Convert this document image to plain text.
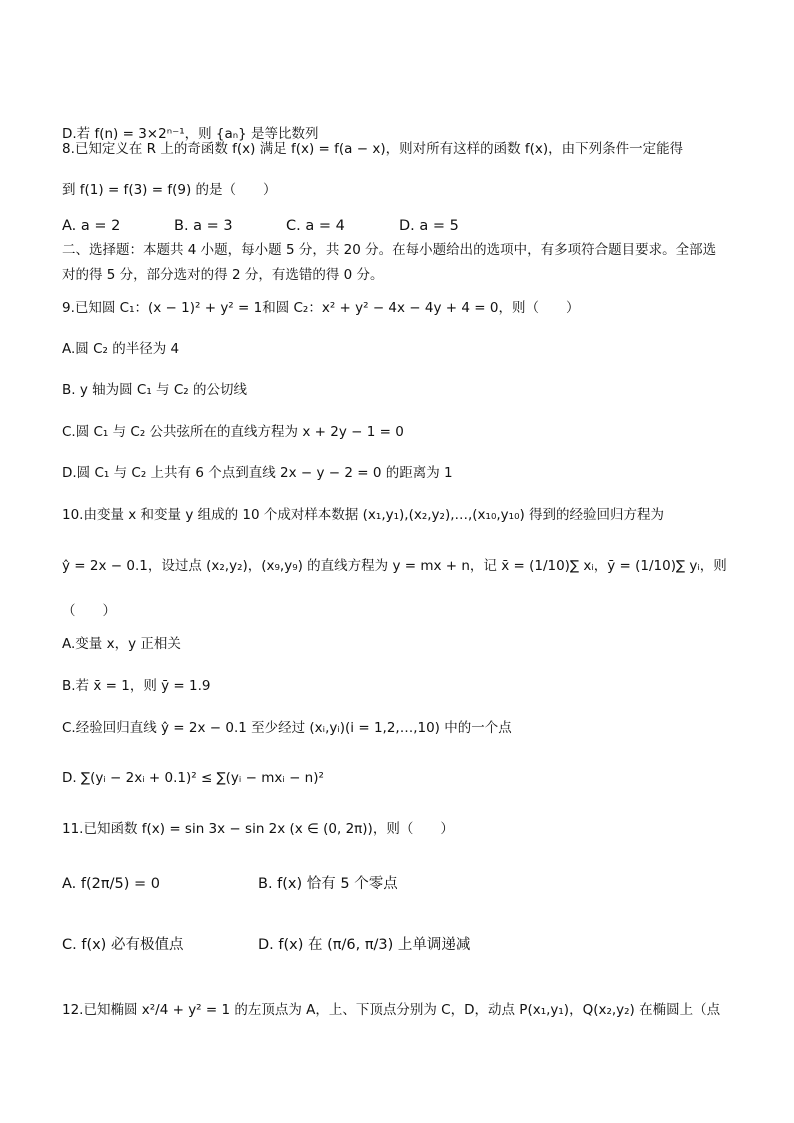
D.若 f(n) = 3×2ⁿ⁻¹，则 {aₙ} 是等比数列
8.已知定义在 R 上的奇函数 f(x) 满足 f(x) = f(a − x)，则对所有这样的函数 f(x)，由下列条件一定能得
到 f(1) = f(3) = f(9) 的是（　　）
A. a = 2	B. a = 3	C. a = 4	D. a = 5
二、选择题：本题共 4 小题，每小题 5 分，共 20 分。在每小题给出的选项中，有多项符合题目要求。全部选
对的得 5 分，部分选对的得 2 分，有选错的得 0 分。
9.已知圆 C₁：(x − 1)² + y² = 1和圆 C₂：x² + y² − 4x − 4y + 4 = 0，则（　　）
A.圆 C₂ 的半径为 4
B. y 轴为圆 C₁ 与 C₂ 的公切线
C.圆 C₁ 与 C₂ 公共弦所在的直线方程为 x + 2y − 1 = 0
D.圆 C₁ 与 C₂ 上共有 6 个点到直线 2x − y − 2 = 0 的距离为 1
10.由变量 x 和变量 y 组成的 10 个成对样本数据 (x₁,y₁),(x₂,y₂),…,(x₁₀,y₁₀) 得到的经验回归方程为
ŷ = 2x − 0.1，设过点 (x₂,y₂)，(x₉,y₉) 的直线方程为 y = mx + n，记 x̄ = (1/10)∑ xᵢ，ȳ = (1/10)∑ yᵢ，则
（　　）
A.变量 x，y 正相关
B.若 x̄ = 1，则 ȳ = 1.9
C.经验回归直线 ŷ = 2x − 0.1 至少经过 (xᵢ,yᵢ)(i = 1,2,…,10) 中的一个点
D. ∑(yᵢ − 2xᵢ + 0.1)² ≤ ∑(yᵢ − mxᵢ − n)²
11.已知函数 f(x) = sin 3x − sin 2x (x ∈ (0, 2π))，则（　　）
A. f(2π/5) = 0	B. f(x) 恰有 5 个零点
C. f(x) 必有极值点	D. f(x) 在 (π/6, π/3) 上单调递减
12.已知椭圆 x²/4 + y² = 1 的左顶点为 A，上、下顶点分别为 C，D，动点 P(x₁,y₁)，Q(x₂,y₂) 在椭圆上（点
